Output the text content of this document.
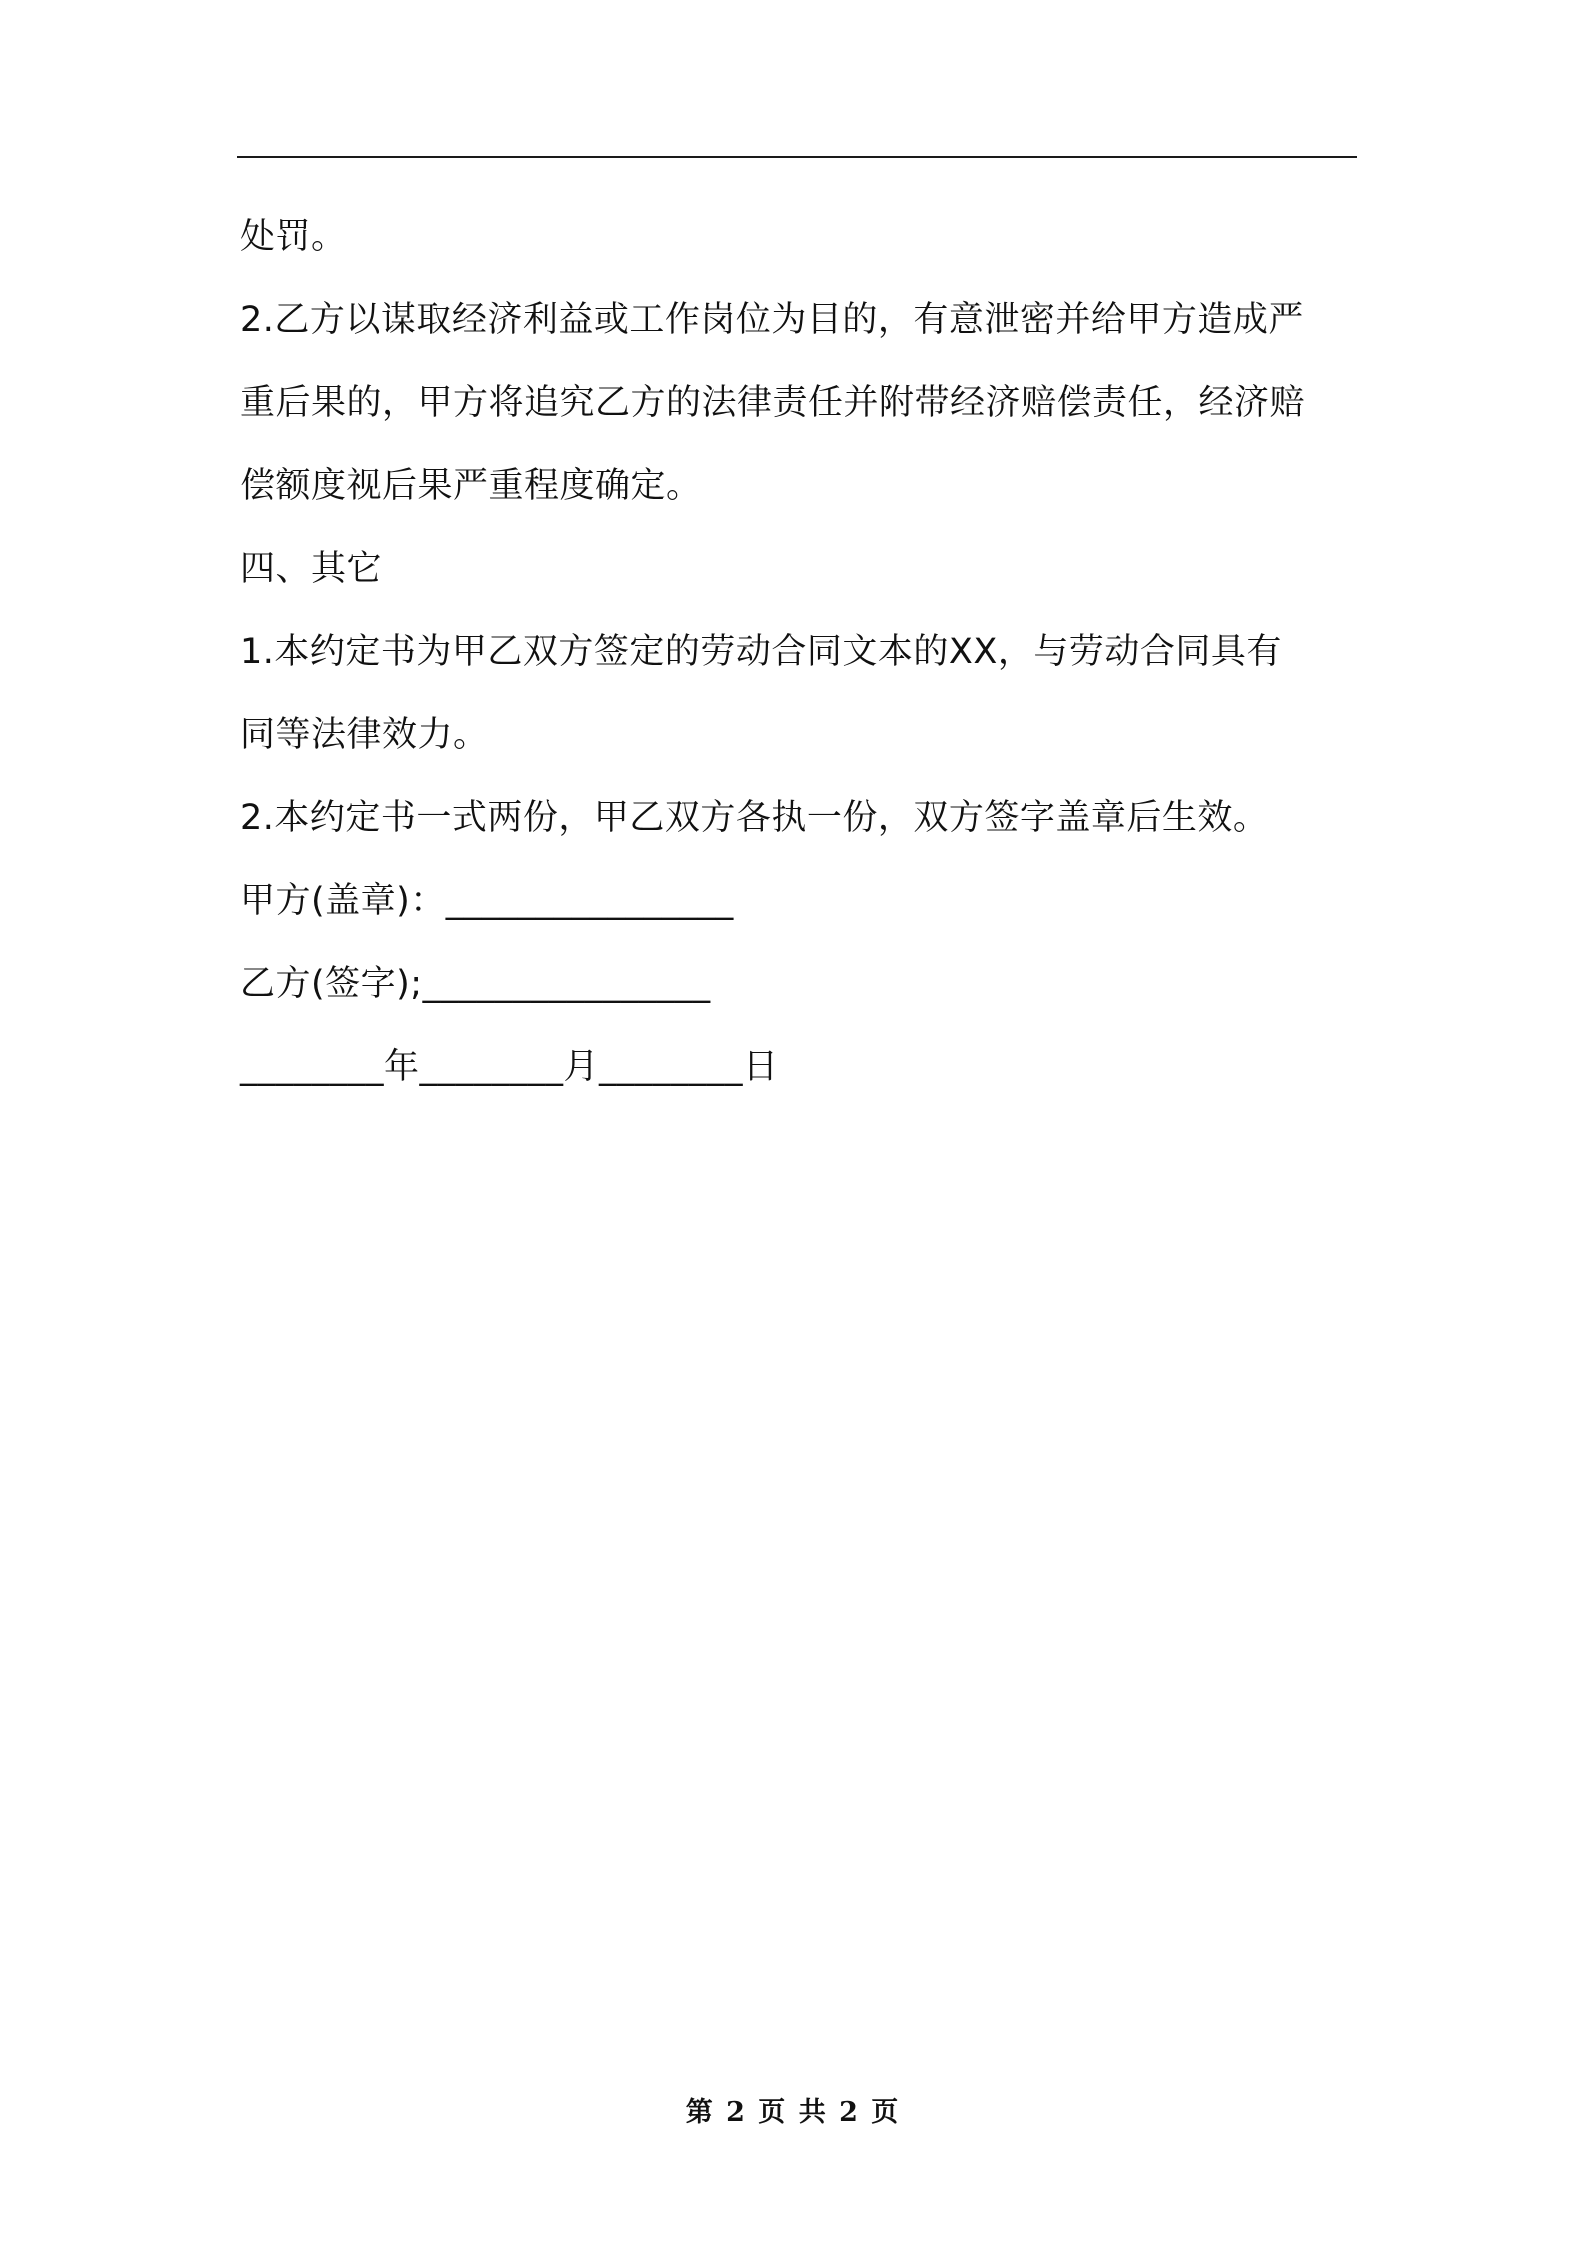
处罚。
2.乙方以谋取经济利益或工作岗位为目的，有意泄密并给甲方造成严
重后果的，甲方将追究乙方的法律责任并附带经济赔偿责任，经济赔
偿额度视后果严重程度确定。
四、其它
1.本约定书为甲乙双方签定的劳动合同文本的XX，与劳动合同具有
同等法律效力。
2.本约定书一式两份，甲乙双方各执一份，双方签字盖章后生效。
甲方(盖章)：________________
乙方(签字);________________
________年________月________日
第 2 页 共 2 页
